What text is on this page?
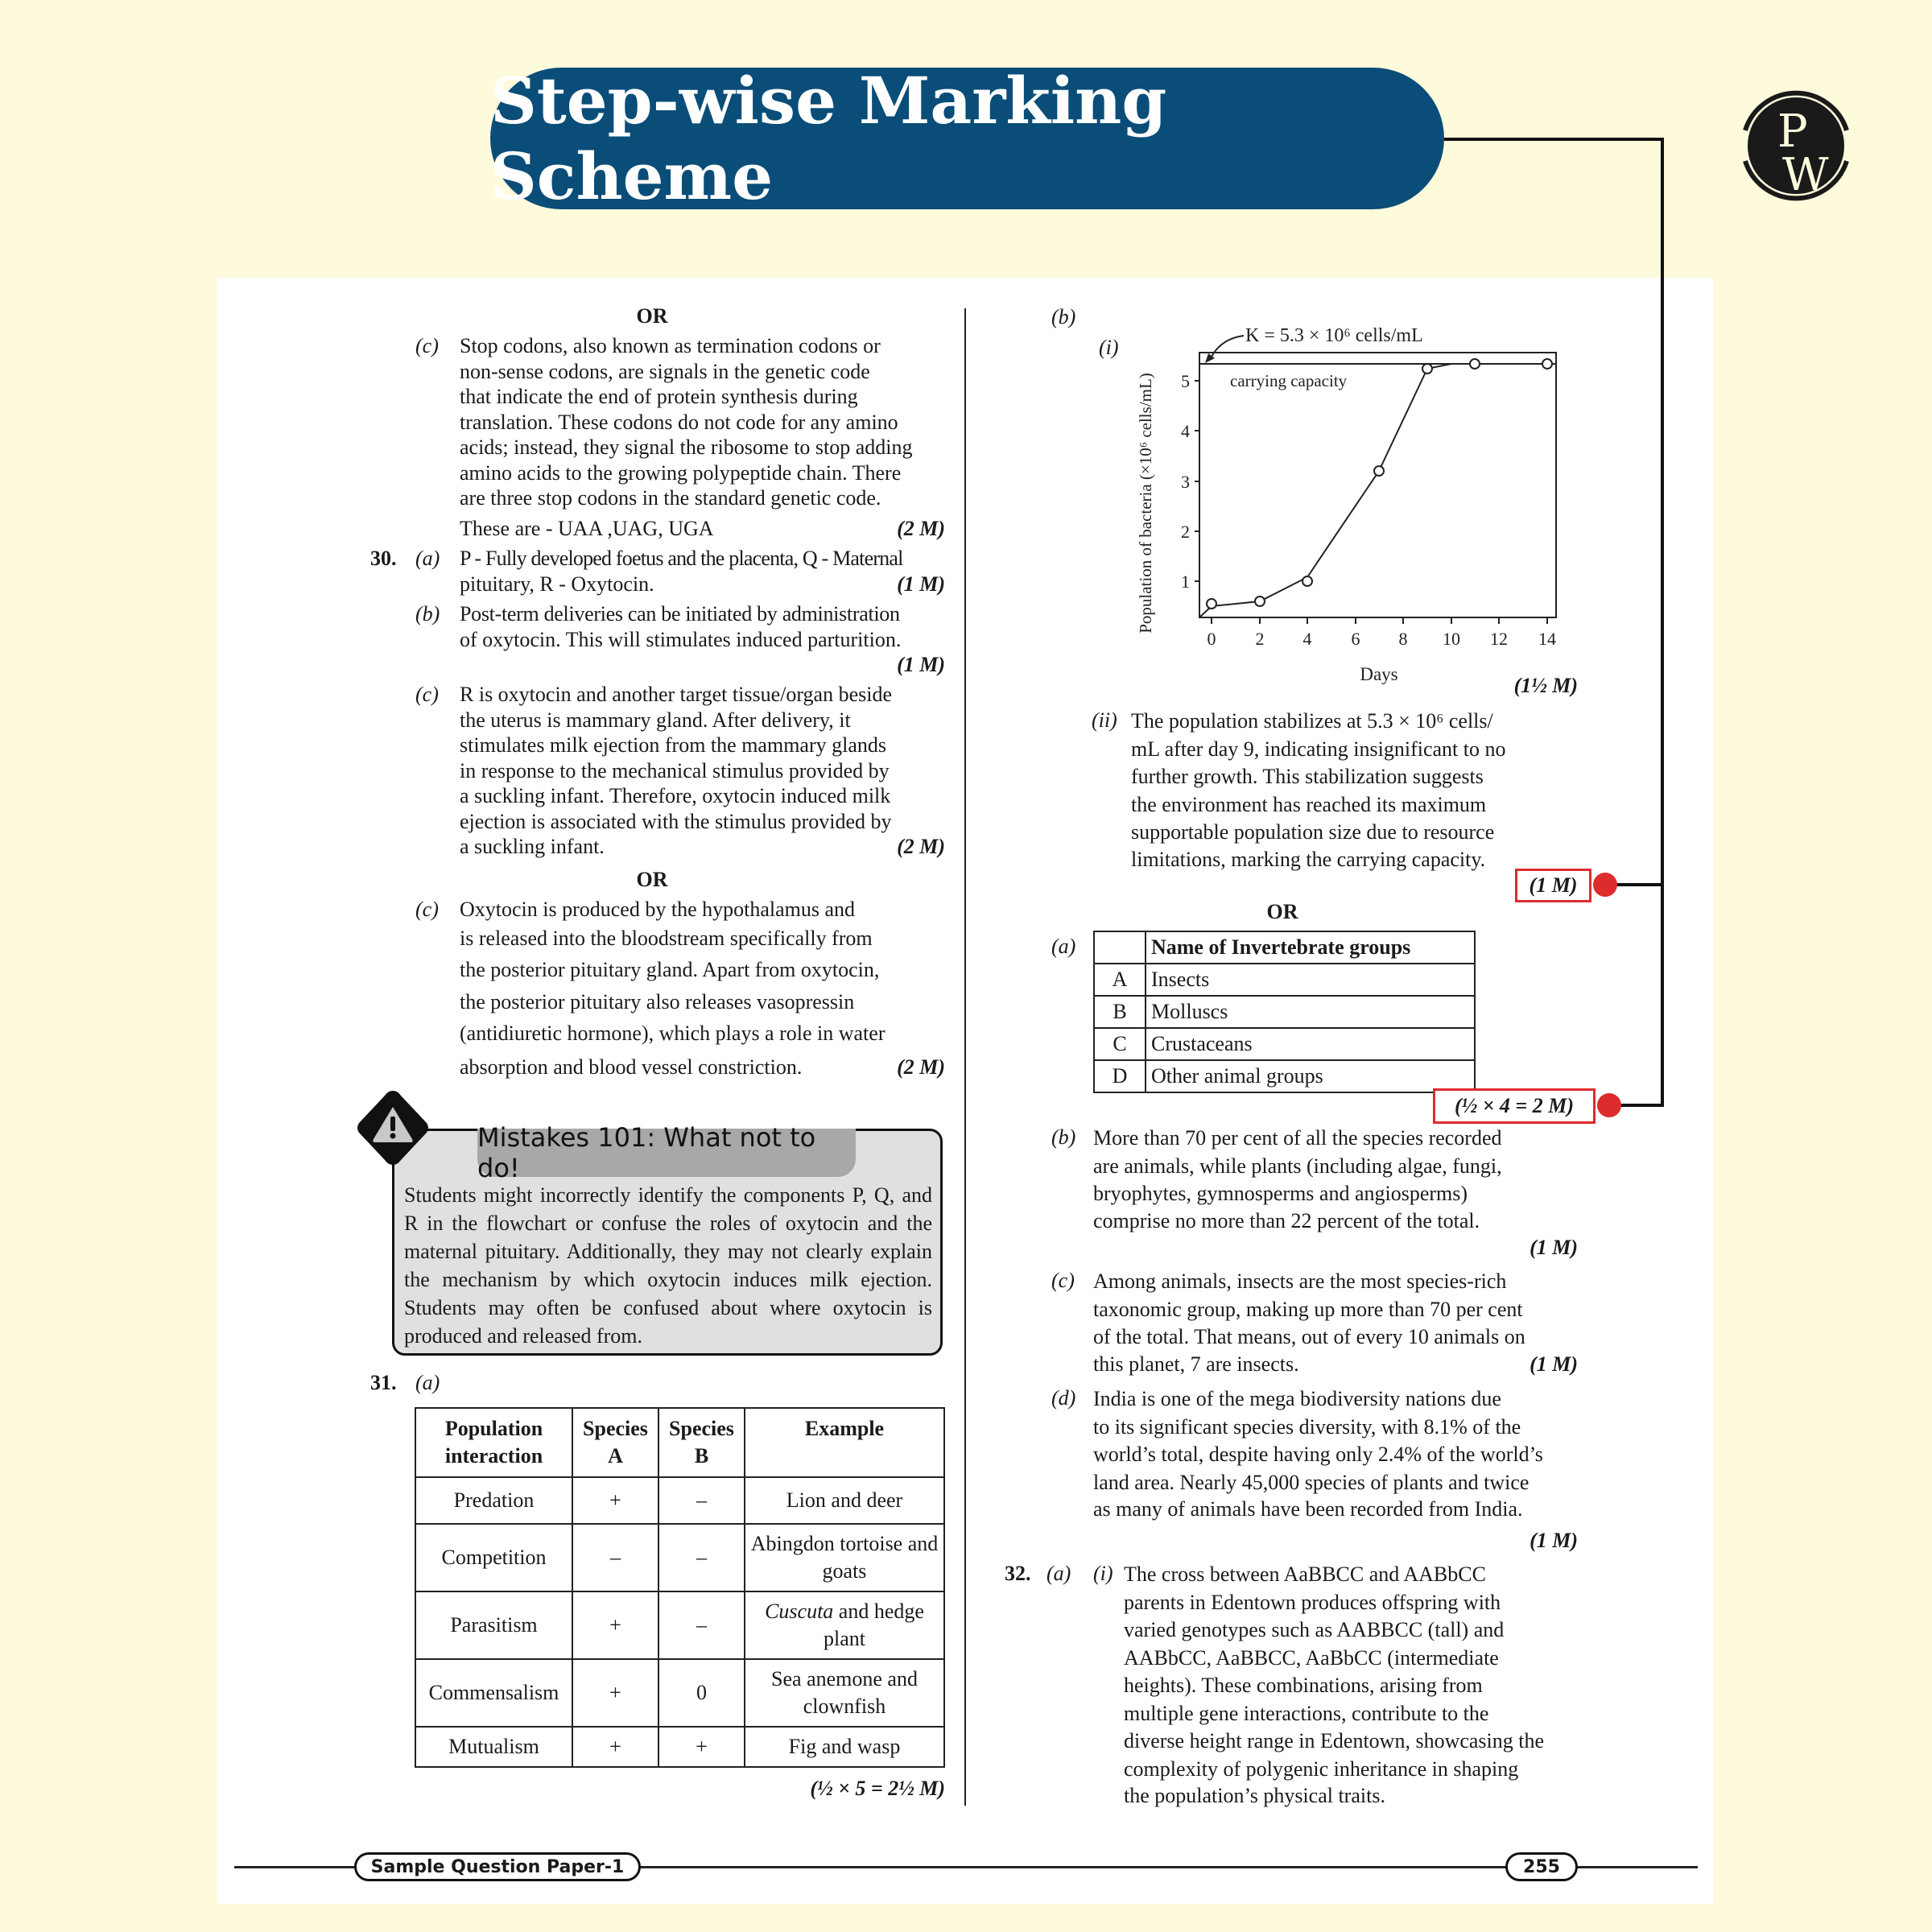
Step-wise Marking Scheme
P
W
OR
(c) Stop codons, also known as termination codons or
non-sense codons, are signals in the genetic code
that indicate the end of protein synthesis during
translation. These codons do not code for any amino
acids; instead, they signal the ribosome to stop adding
amino acids to the growing polypeptide chain. There
are three stop codons in the standard genetic code.
These are - UAA ,UAG, UGA	(2 M)
30. (a) P - Fully developed foetus and the placenta, Q - Maternal
pituitary, R - Oxytocin.	(1 M)
(b) Post-term deliveries can be initiated by administration
of oxytocin. This will stimulates induced parturition.
(1 M)
(c) R is oxytocin and another target tissue/organ beside
the uterus is mammary gland. After delivery, it
stimulates milk ejection from the mammary glands
in response to the mechanical stimulus provided by
a suckling infant. Therefore, oxytocin induced milk
ejection is associated with the stimulus provided by
a suckling infant.	(2 M)
OR
(c) Oxytocin is produced by the hypothalamus and
is released into the bloodstream specifically from
the posterior pituitary gland. Apart from oxytocin,
the posterior pituitary also releases vasopressin
(antidiuretic hormone), which plays a role in water
absorption and blood vessel constriction.	(2 M)
Mistakes 101: What not to do!
Students might incorrectly identify the components P, Q, and R in the flowchart or confuse the roles of oxytocin and the maternal pituitary. Additionally, they may not clearly explain the mechanism by which oxytocin induces milk ejection. Students may often be confused about where oxytocin is produced and released from.
31. (a)
Population interaction	Species A	Species B	Example
Predation	+	–	Lion and deer
Competition	–	–	Abingdon tortoise and goats
Parasitism	+	–	Cuscuta and hedge plant
Commensalism	+	0	Sea anemone and clownfish
Mutualism	+	+	Fig and wasp
(½ × 5 = 2½ M)
(b)
(i)
5
4
3
2
1
0 2 4 6 8 10 12 14
K = 5.3 × 10⁶ cells/mL
carrying capacity
Days
Population of bacteria (×10⁶ cells/mL)
(1½ M)
(ii) The population stabilizes at 5.3 × 10⁶ cells/
mL after day 9, indicating insignificant to no
further growth. This stabilization suggests
the environment has reached its maximum
supportable population size due to resource
limitations, marking the carrying capacity.
(1 M)
OR
(a)
		Name of Invertebrate groups
A	Insects
B	Molluscs
C	Crustaceans
D	Other animal groups
(½ × 4 = 2 M)
(b) More than 70 per cent of all the species recorded
are animals, while plants (including algae, fungi,
bryophytes, gymnosperms and angiosperms)
comprise no more than 22 percent of the total.
(1 M)
(c) Among animals, insects are the most species-rich
taxonomic group, making up more than 70 per cent
of the total. That means, out of every 10 animals on
this planet, 7 are insects.	(1 M)
(d) India is one of the mega biodiversity nations due
to its significant species diversity, with 8.1% of the
world’s total, despite having only 2.4% of the world’s
land area. Nearly 45,000 species of plants and twice
as many of animals have been recorded from India.
(1 M)
32. (a) (i) The cross between AaBBCC and AABbCC
parents in Edentown produces offspring with
varied genotypes such as AABBCC (tall) and
AABbCC, AaBBCC, AaBbCC (intermediate
heights). These combinations, arising from
multiple gene interactions, contribute to the
diverse height range in Edentown, showcasing the
complexity of polygenic inheritance in shaping
the population’s physical traits.
Sample Question Paper-1	255
